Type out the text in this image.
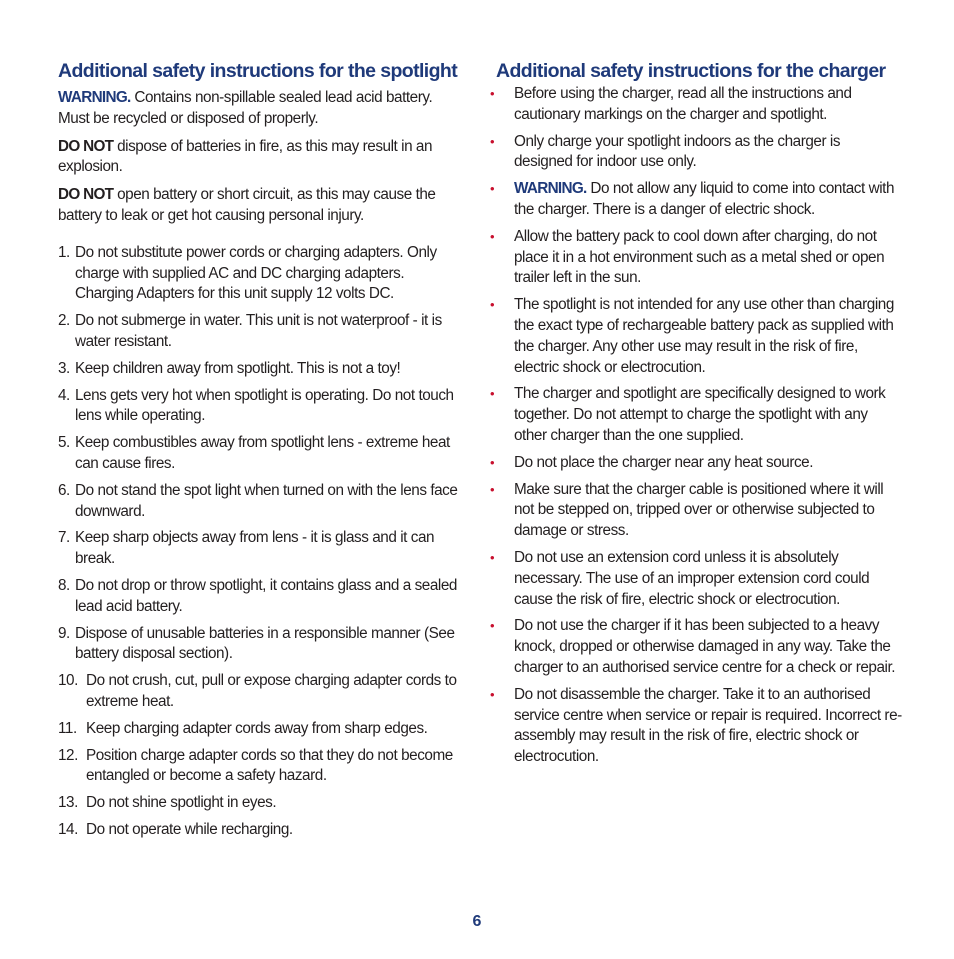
Additional safety instructions for the spotlight

WARNING. Contains non-spillable sealed lead acid battery. Must be recycled or disposed of properly.

DO NOT dispose of batteries in fire, as this may result in an explosion.

DO NOT open battery or short circuit, as this may cause the battery to leak or get hot causing personal injury.

1. Do not substitute power cords or charging adapters. Only charge with supplied AC and DC charging adapters. Charging Adapters for this unit supply 12 volts DC.
2. Do not submerge in water. This unit is not waterproof - it is water resistant.
3. Keep children away from spotlight. This is not a toy!
4. Lens gets very hot when spotlight is operating. Do not touch lens while operating.
5. Keep combustibles away from spotlight lens - extreme heat can cause fires.
6. Do not stand the spot light when turned on with the lens face downward.
7. Keep sharp objects away from lens - it is glass and it can break.
8. Do not drop or throw spotlight, it contains glass and a sealed lead acid battery.
9. Dispose of unusable batteries in a responsible manner (See battery disposal section).
10. Do not crush, cut, pull or expose charging adapter cords to extreme heat.
11. Keep charging adapter cords away from sharp edges.
12. Position charge adapter cords so that they do not become entangled or become a safety hazard.
13. Do not shine spotlight in eyes.
14. Do not operate while recharging.
Additional safety instructions for the charger
• Before using the charger, read all the instructions and cautionary markings on the charger and spotlight.
• Only charge your spotlight indoors as the charger is designed for indoor use only.
• WARNING. Do not allow any liquid to come into contact with the charger. There is a danger of electric shock.
• Allow the battery pack to cool down after charging, do not place it in a hot environment such as a metal shed or open trailer left in the sun.
• The spotlight is not intended for any use other than charging the exact type of rechargeable battery pack as supplied with the charger. Any other use may result in the risk of fire, electric shock or electrocution.
• The charger and spotlight are specifically designed to work together. Do not attempt to charge the spotlight with any other charger than the one supplied.
• Do not place the charger near any heat source.
• Make sure that the charger cable is positioned where it will not be stepped on, tripped over or otherwise subjected to damage or stress.
• Do not use an extension cord unless it is absolutely necessary. The use of an improper extension cord could cause the risk of fire, electric shock or electrocution.
• Do not use the charger if it has been subjected to a heavy knock, dropped or otherwise damaged in any way. Take the charger to an authorised service centre for a check or repair.
• Do not disassemble the charger. Take it to an authorised service centre when service or repair is required. Incorrect re-assembly may result in the risk of fire, electric shock or electrocution.
6
